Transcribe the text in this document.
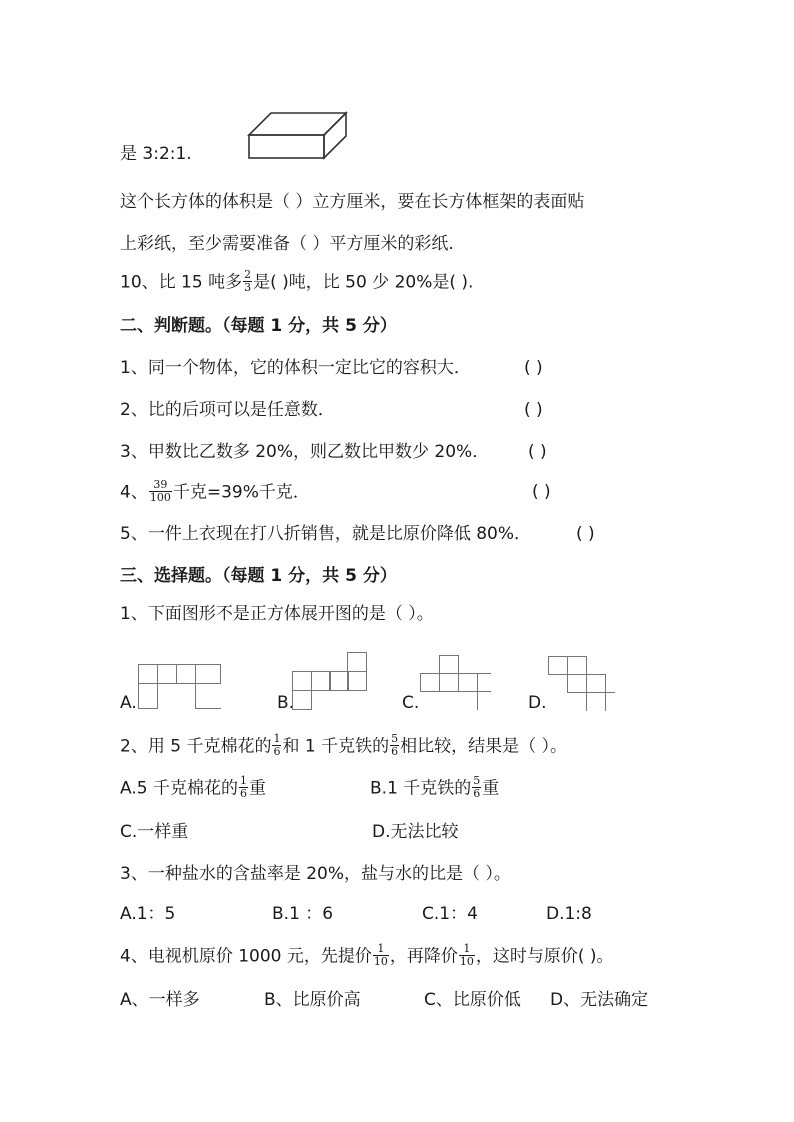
是 3:2:1.
这个长方体的体积是（ ）立方厘米，要在长方体框架的表面贴
上彩纸，至少需要准备（ ）平方厘米的彩纸.
10、比 15 吨多 $\frac{2}{3}$ 是( )吨，比 50 少 20%是( ).
二、判断题。（每题 1 分，共 5 分）
1、同一个物体，它的体积一定比它的容积大．	( )
2、比的后项可以是任意数．	( )
3、甲数比乙数多 20%，则乙数比甲数少 20%． ( )
4、 $\frac{39}{100}$ 千克=39%千克．	( )
5、一件上衣现在打八折销售，就是比原价降低 80%．	( )
三、选择题。（每题 1 分，共 5 分）
1、下面图形不是正方体展开图的是（ ）。
A.	B.	C.	D.
2、用 5 千克棉花的 $\frac{1}{6}$ 和 1 千克铁的 $\frac{5}{6}$ 相比较，结果是（ ）。
A.5 千克棉花的 $\frac{1}{6}$ 重	B.1 千克铁的 $\frac{5}{6}$ 重
C.一样重	D.无法比较
3、一种盐水的含盐率是 20%，盐与水的比是（ ）。
A.1：5	B.1 ：6	C.1：4	D.1:8
4、电视机原价 1000 元，先提价 $\frac{1}{10}$ ，再降价 $\frac{1}{10}$ ，这时与原价( )。
A、一样多	B、比原价高	C、比原价低 D、无法确定
